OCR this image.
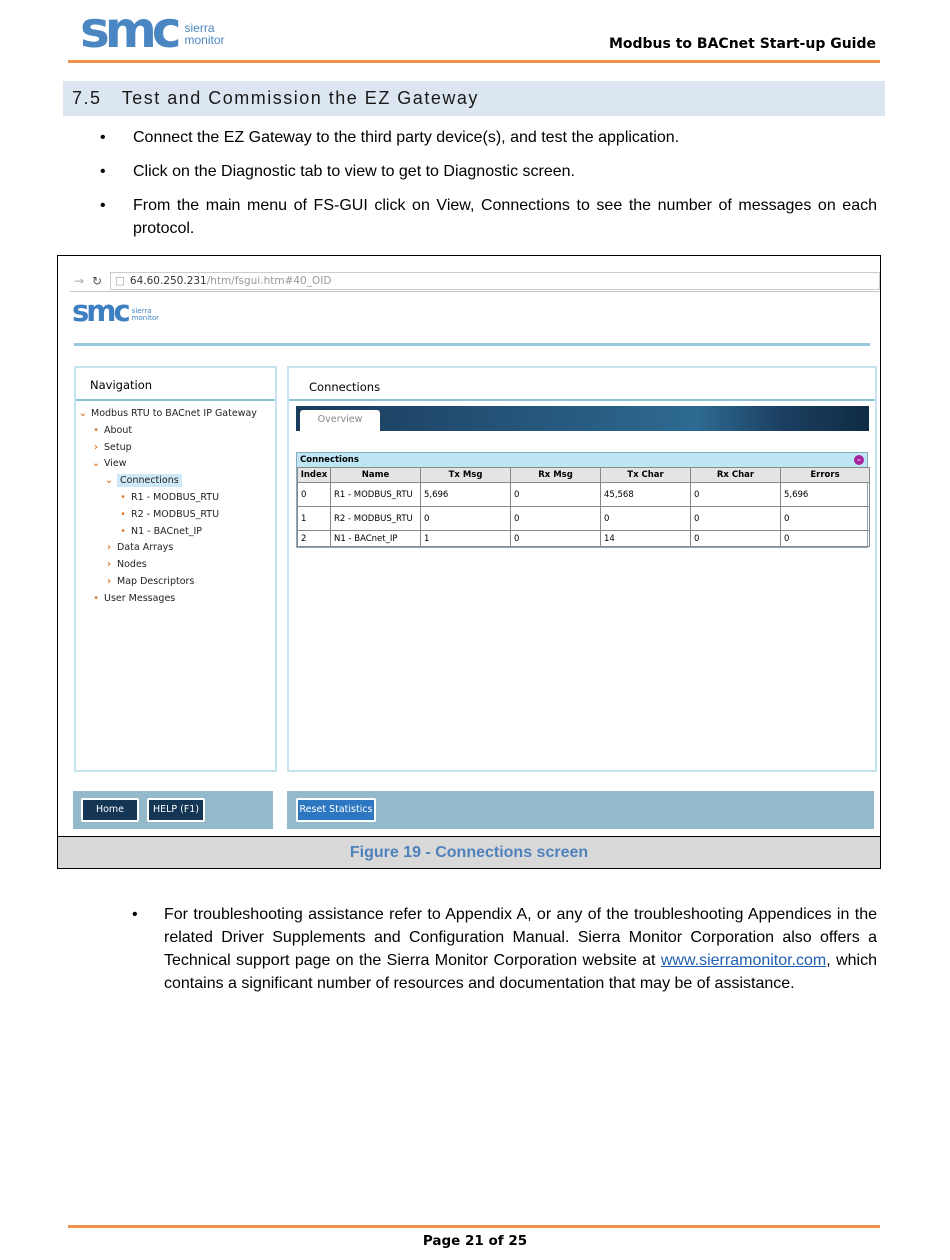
smc sierra
monitor	Modbus to BACnet Start-up Guide
7.5 Test and Commission the EZ Gateway
• Connect the EZ Gateway to the third party device(s), and test the application.
• Click on the Diagnostic tab to view to get to Diagnostic screen.
• From the main menu of FS-GUI click on View, Connections to see the number of messages on each protocol.
→ ↻	□ 64.60.250.231 /htm/fsgui.htm#40_OID
smc sierra
monitor
Navigation
⌄ Modbus RTU to BACnet IP Gateway
• About
› Setup
⌄ View
⌄ Connections
• R1 - MODBUS_RTU
• R2 - MODBUS_RTU
• N1 - BACnet_IP
› Data Arrays
› Nodes
› Map Descriptors
• User Messages
Connections
Overview
Connections	–
Index	Name	Tx Msg	Rx Msg	Tx Char	Rx Char	Errors
0	R1 - MODBUS_RTU	5,696	0	45,568	0	5,696
1	R2 - MODBUS_RTU	0	0	0	0	0
2	N1 - BACnet_IP	1	0	14	0	0
Home	HELP (F1)	Reset Statistics
Figure 19 - Connections screen
• For troubleshooting assistance refer to Appendix A, or any of the troubleshooting Appendices in the related Driver Supplements and Configuration Manual. Sierra Monitor Corporation also offers a Technical support page on the Sierra Monitor Corporation website at www.sierramonitor.com, which contains a significant number of resources and documentation that may be of assistance.
Page 21 of 25
